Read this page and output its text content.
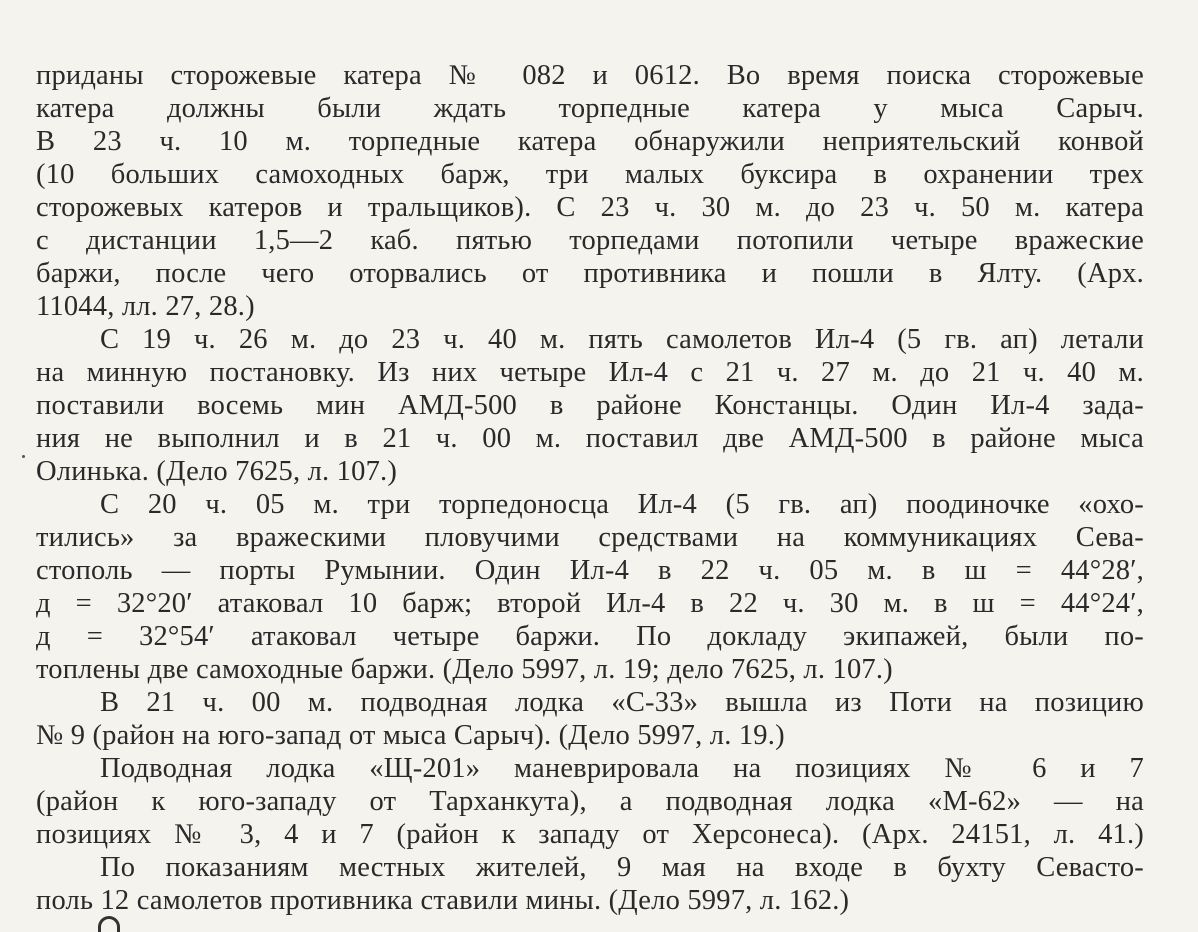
приданы сторожевые катера № 082 и 0612. Во время поиска сторожевые
катера должны были ждать торпедные катера у мыса Сарыч.
В 23 ч. 10 м. торпедные катера обнаружили неприятельский конвой
(10 больших самоходных барж, три малых буксира в охранении трех
сторожевых катеров и тральщиков). С 23 ч. 30 м. до 23 ч. 50 м. катера
с дистанции 1,5—2 каб. пятью торпедами потопили четыре вражеские
баржи, после чего оторвались от противника и пошли в Ялту. (Арх.
11044, лл. 27, 28.)
С 19 ч. 26 м. до 23 ч. 40 м. пять самолетов Ил-4 (5 гв. ап) летали
на минную постановку. Из них четыре Ил-4 с 21 ч. 27 м. до 21 ч. 40 м.
поставили восемь мин АМД-500 в районе Констанцы. Один Ил-4 зада-
ния не выполнил и в 21 ч. 00 м. поставил две АМД-500 в районе мыса
Олинька. (Дело 7625, л. 107.)
С 20 ч. 05 м. три торпедоносца Ил-4 (5 гв. ап) поодиночке «охо-
тились» за вражескими пловучими средствами на коммуникациях Сева-
стополь — порты Румынии. Один Ил-4 в 22 ч. 05 м. в ш = 44°28′,
д = 32°20′ атаковал 10 барж; второй Ил-4 в 22 ч. 30 м. в ш = 44°24′,
д = 32°54′ атаковал четыре баржи. По докладу экипажей, были по-
топлены две самоходные баржи. (Дело 5997, л. 19; дело 7625, л. 107.)
В 21 ч. 00 м. подводная лодка «С-33» вышла из Поти на позицию
№ 9 (район на юго-запад от мыса Сарыч). (Дело 5997, л. 19.)
Подводная лодка «Щ-201» маневрировала на позициях № 6 и 7
(район к юго-западу от Тарханкута), а подводная лодка «М-62» — на
позициях № 3, 4 и 7 (район к западу от Херсонеса). (Арх. 24151, л. 41.)
По показаниям местных жителей, 9 мая на входе в бухту Севасто-
поль 12 самолетов противника ставили мины. (Дело 5997, л. 162.)
